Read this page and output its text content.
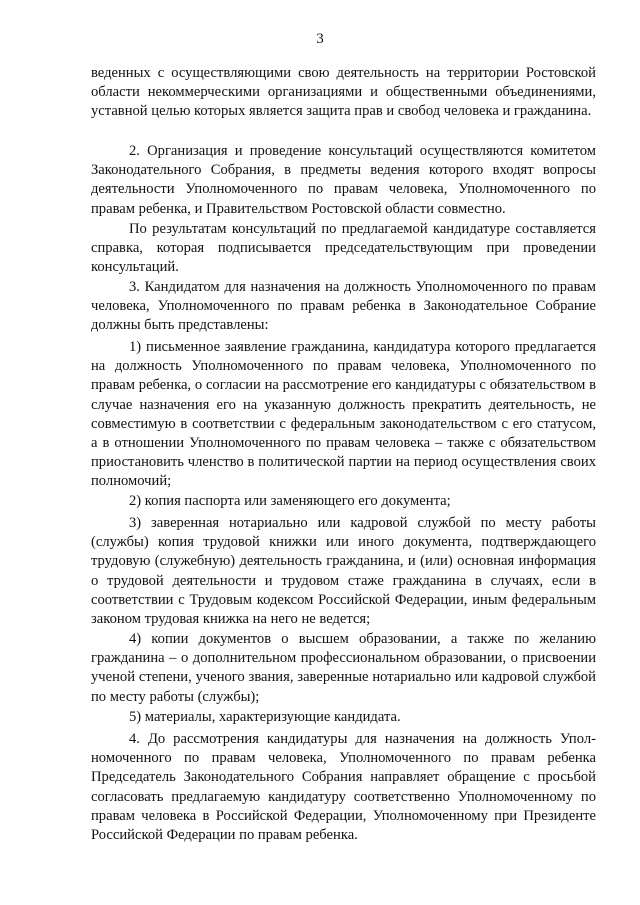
3

веденных с осуществляющими свою деятельность на территории Ростовской области некоммерческими организациями и общественными объединениями, уставной целью которых является защита прав и свобод человека и гражданина.

2. Организация и проведение консультаций осуществляются комитетом Законодательного Собрания, в предметы ведения которого входят вопросы деятельности Уполномоченного по правам человека, Уполномоченного по правам ребенка, и Правительством Ростовской области совместно.

По результатам консультаций по предлагаемой кандидатуре составляется справка, которая подписывается председательствующим при проведении консультаций.

3. Кандидатом для назначения на должность Уполномоченного по правам человека, Уполномоченного по правам ребенка в Законодательное Собрание должны быть представлены:

1) письменное заявление гражданина, кандидатура которого предлагается на должность Уполномоченного по правам человека, Уполномоченного по правам ребенка, о согласии на рассмотрение его кандидатуры с обязательством в случае назначения его на указанную должность прекратить деятельность, не совместимую в соответствии с федеральным законодательством с его статусом, а в отношении Уполномоченного по правам человека – также с обязательством приостановить членство в политической партии на период осуществления своих полномочий;

2) копия паспорта или заменяющего его документа;

3) заверенная нотариально или кадровой службой по месту работы (службы) копия трудовой книжки или иного документа, подтверждающего трудовую (служебную) деятельность гражданина, и (или) основная информация о трудовой деятельности и трудовом стаже гражданина в случаях, если в соответствии с Трудовым кодексом Российской Федерации, иным федеральным законом трудовая книжка на него не ведется;

4) копии документов о высшем образовании, а также по желанию гражданина – о дополнительном профессиональном образовании, о присвоении ученой степени, ученого звания, заверенные нотариально или кадровой службой по месту работы (службы);

5) материалы, характеризующие кандидата.

4. До рассмотрения кандидатуры для назначения на должность Уполномоченного по правам человека, Уполномоченного по правам ребенка Председатель Законодательного Собрания направляет обращение с просьбой согласовать предлагаемую кандидатуру соответственно Уполномоченному по правам человека в Российской Федерации, Уполномоченному при Президенте Российской Федерации по правам ребенка.
